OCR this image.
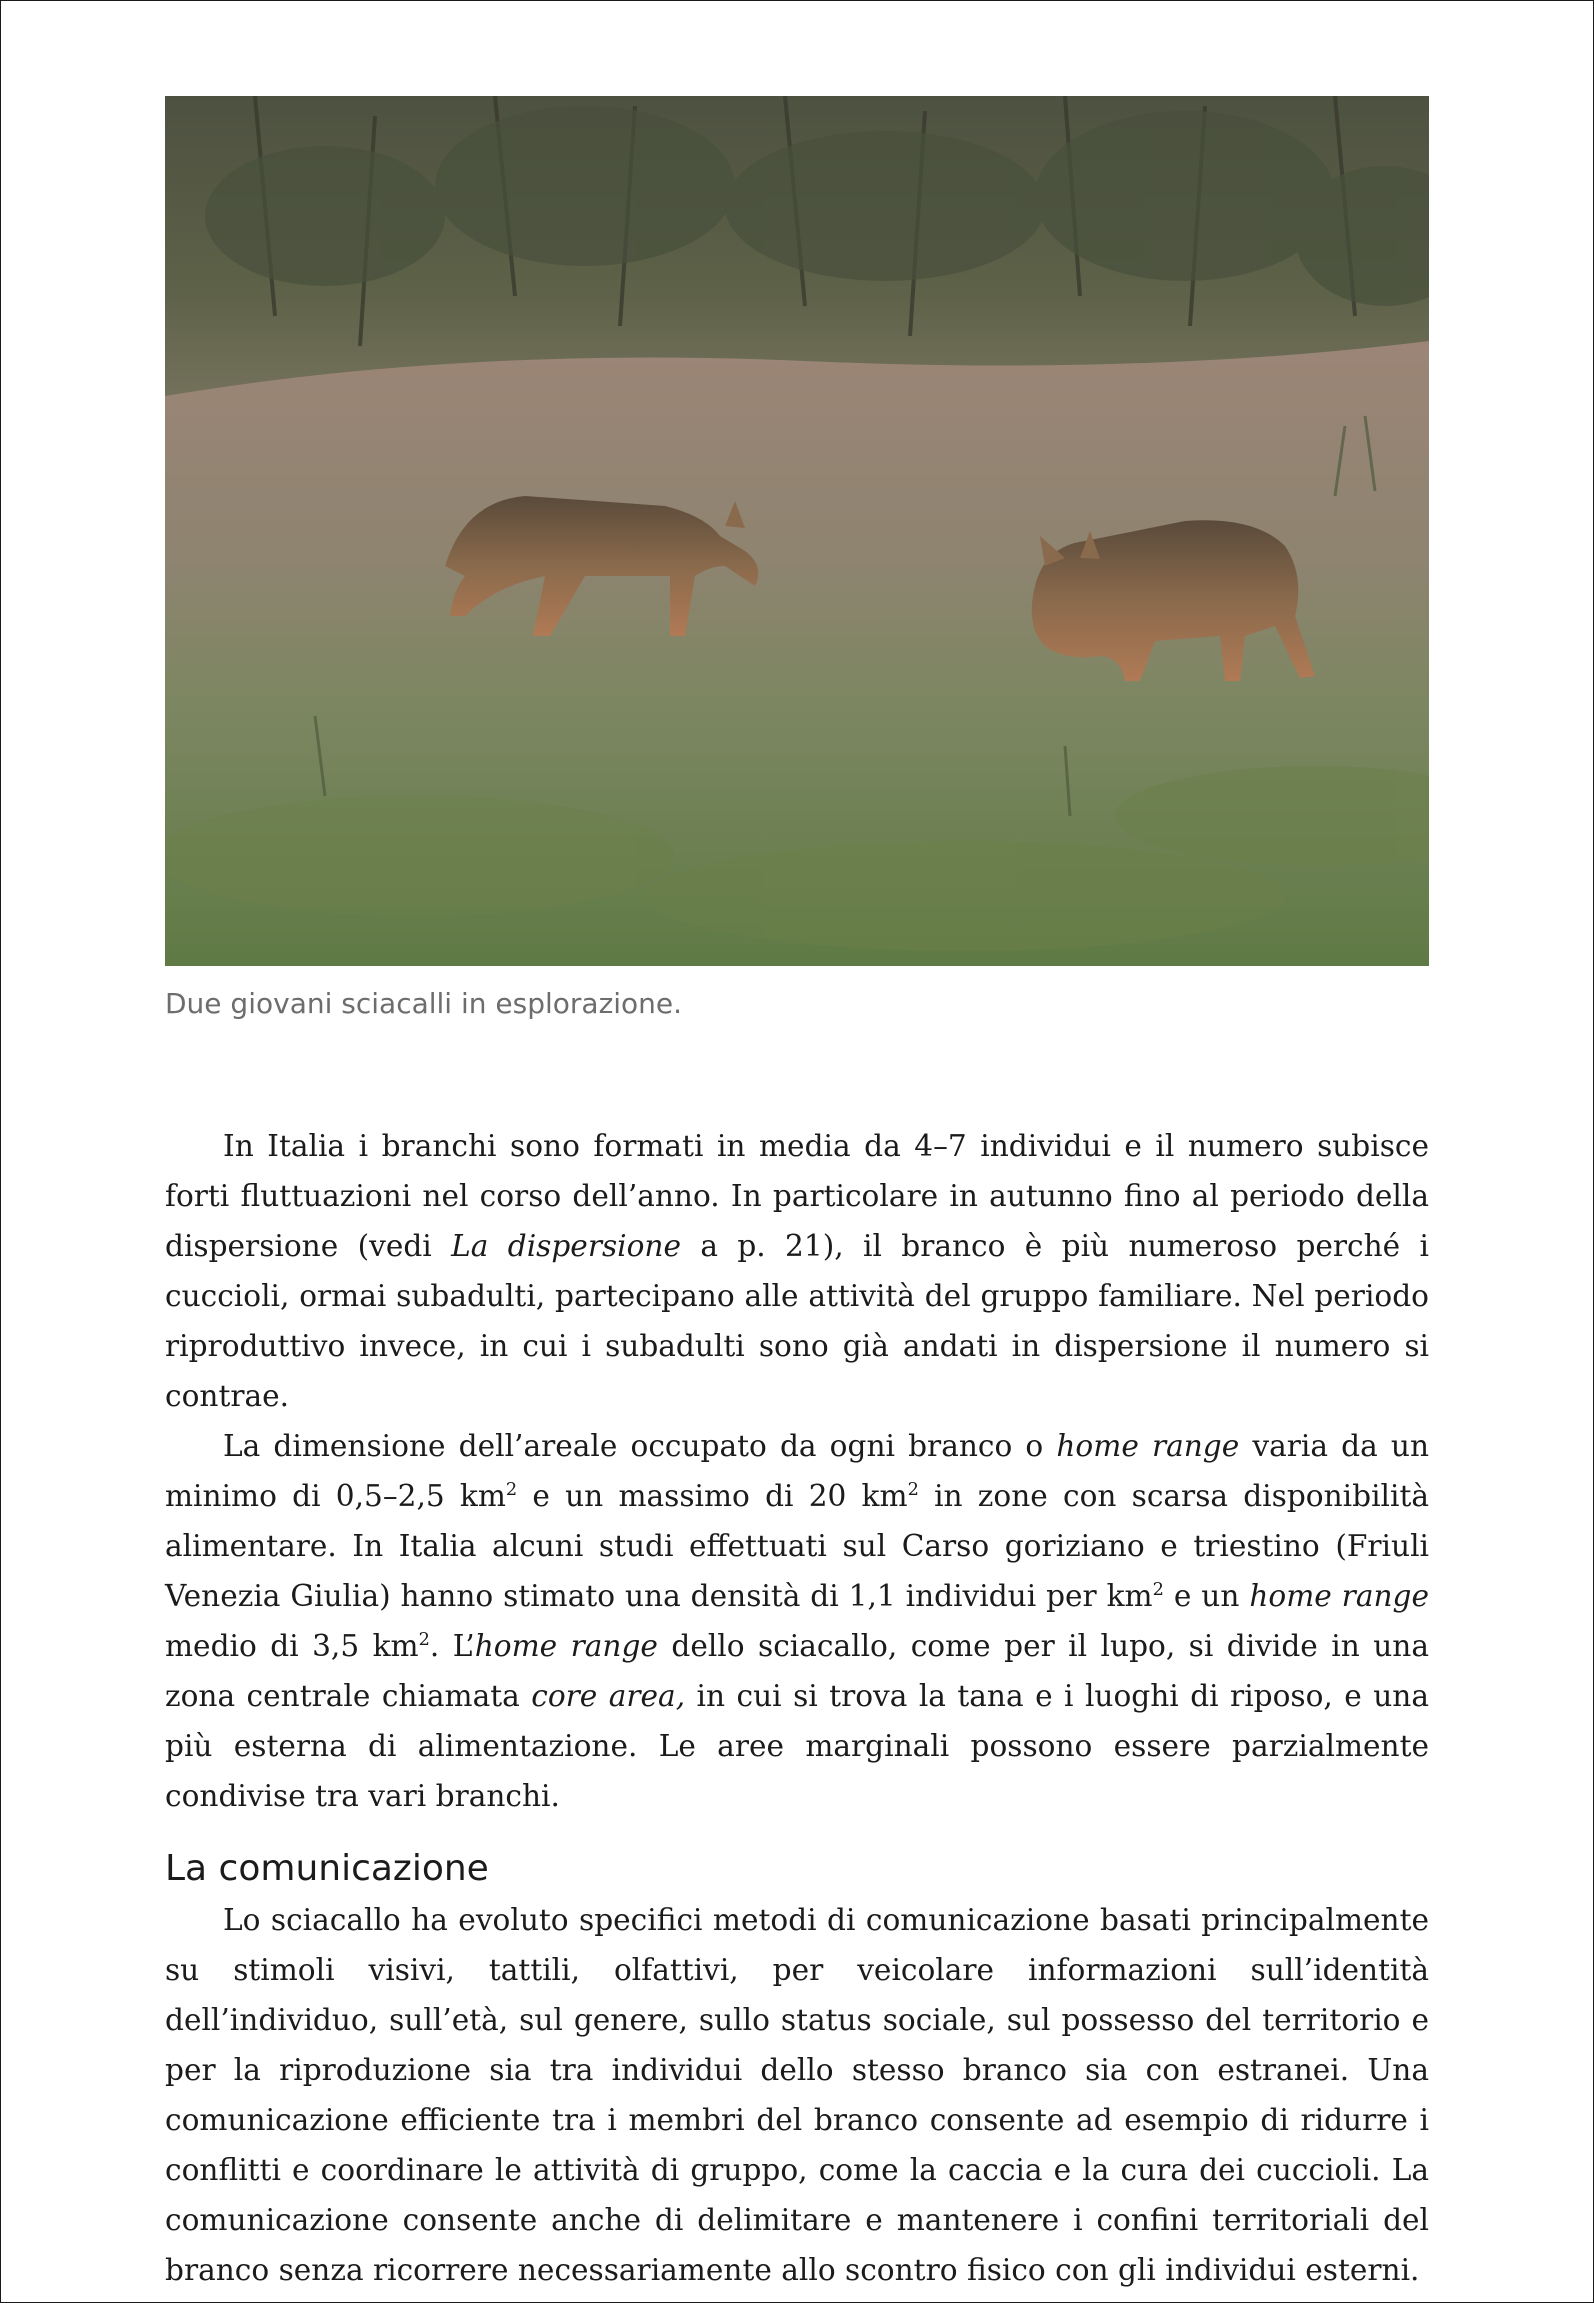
Due giovani sciacalli in esplorazione.

In Italia i branchi sono formati in media da 4–7 individui e il numero subisce forti fluttuazioni nel corso dell’anno. In particolare in autunno fino al periodo della dispersione (vedi La dispersione a p. 21), il branco è più numeroso perché i cuccioli, ormai subadulti, partecipano alle attività del gruppo familiare. Nel periodo riproduttivo invece, in cui i subadulti sono già andati in dispersione il numero si contrae.

La dimensione dell’areale occupato da ogni branco o home range varia da un minimo di 0,5–2,5 $km^2$ e un massimo di 20 $km^2$ in zone con scarsa disponibilità alimentare. In Italia alcuni studi effettuati sul Carso goriziano e triestino (Friuli Venezia Giulia) hanno stimato una densità di 1,1 individui per $km^2$ e un home range medio di 3,5 $km^2$. L’home range dello sciacallo, come per il lupo, si divide in una zona centrale chiamata core area, in cui si trova la tana e i luoghi di riposo, e una più esterna di alimentazione. Le aree marginali possono essere parzialmente condivise tra vari branchi.

La comunicazione

Lo sciacallo ha evoluto specifici metodi di comunicazione basati principalmente su stimoli visivi, tattili, olfattivi, per veicolare informazioni sull’identità dell’individuo, sull’età, sul genere, sullo status sociale, sul possesso del territorio e per la riproduzione sia tra individui dello stesso branco sia con estranei. Una comunicazione efficiente tra i membri del branco consente ad esempio di ridurre i conflitti e coordinare le attività di gruppo, come la caccia e la cura dei cuccioli. La comunicazione consente anche di delimitare e mantenere i confini territoriali del branco senza ricorrere necessariamente allo scontro fisico con gli individui esterni.
